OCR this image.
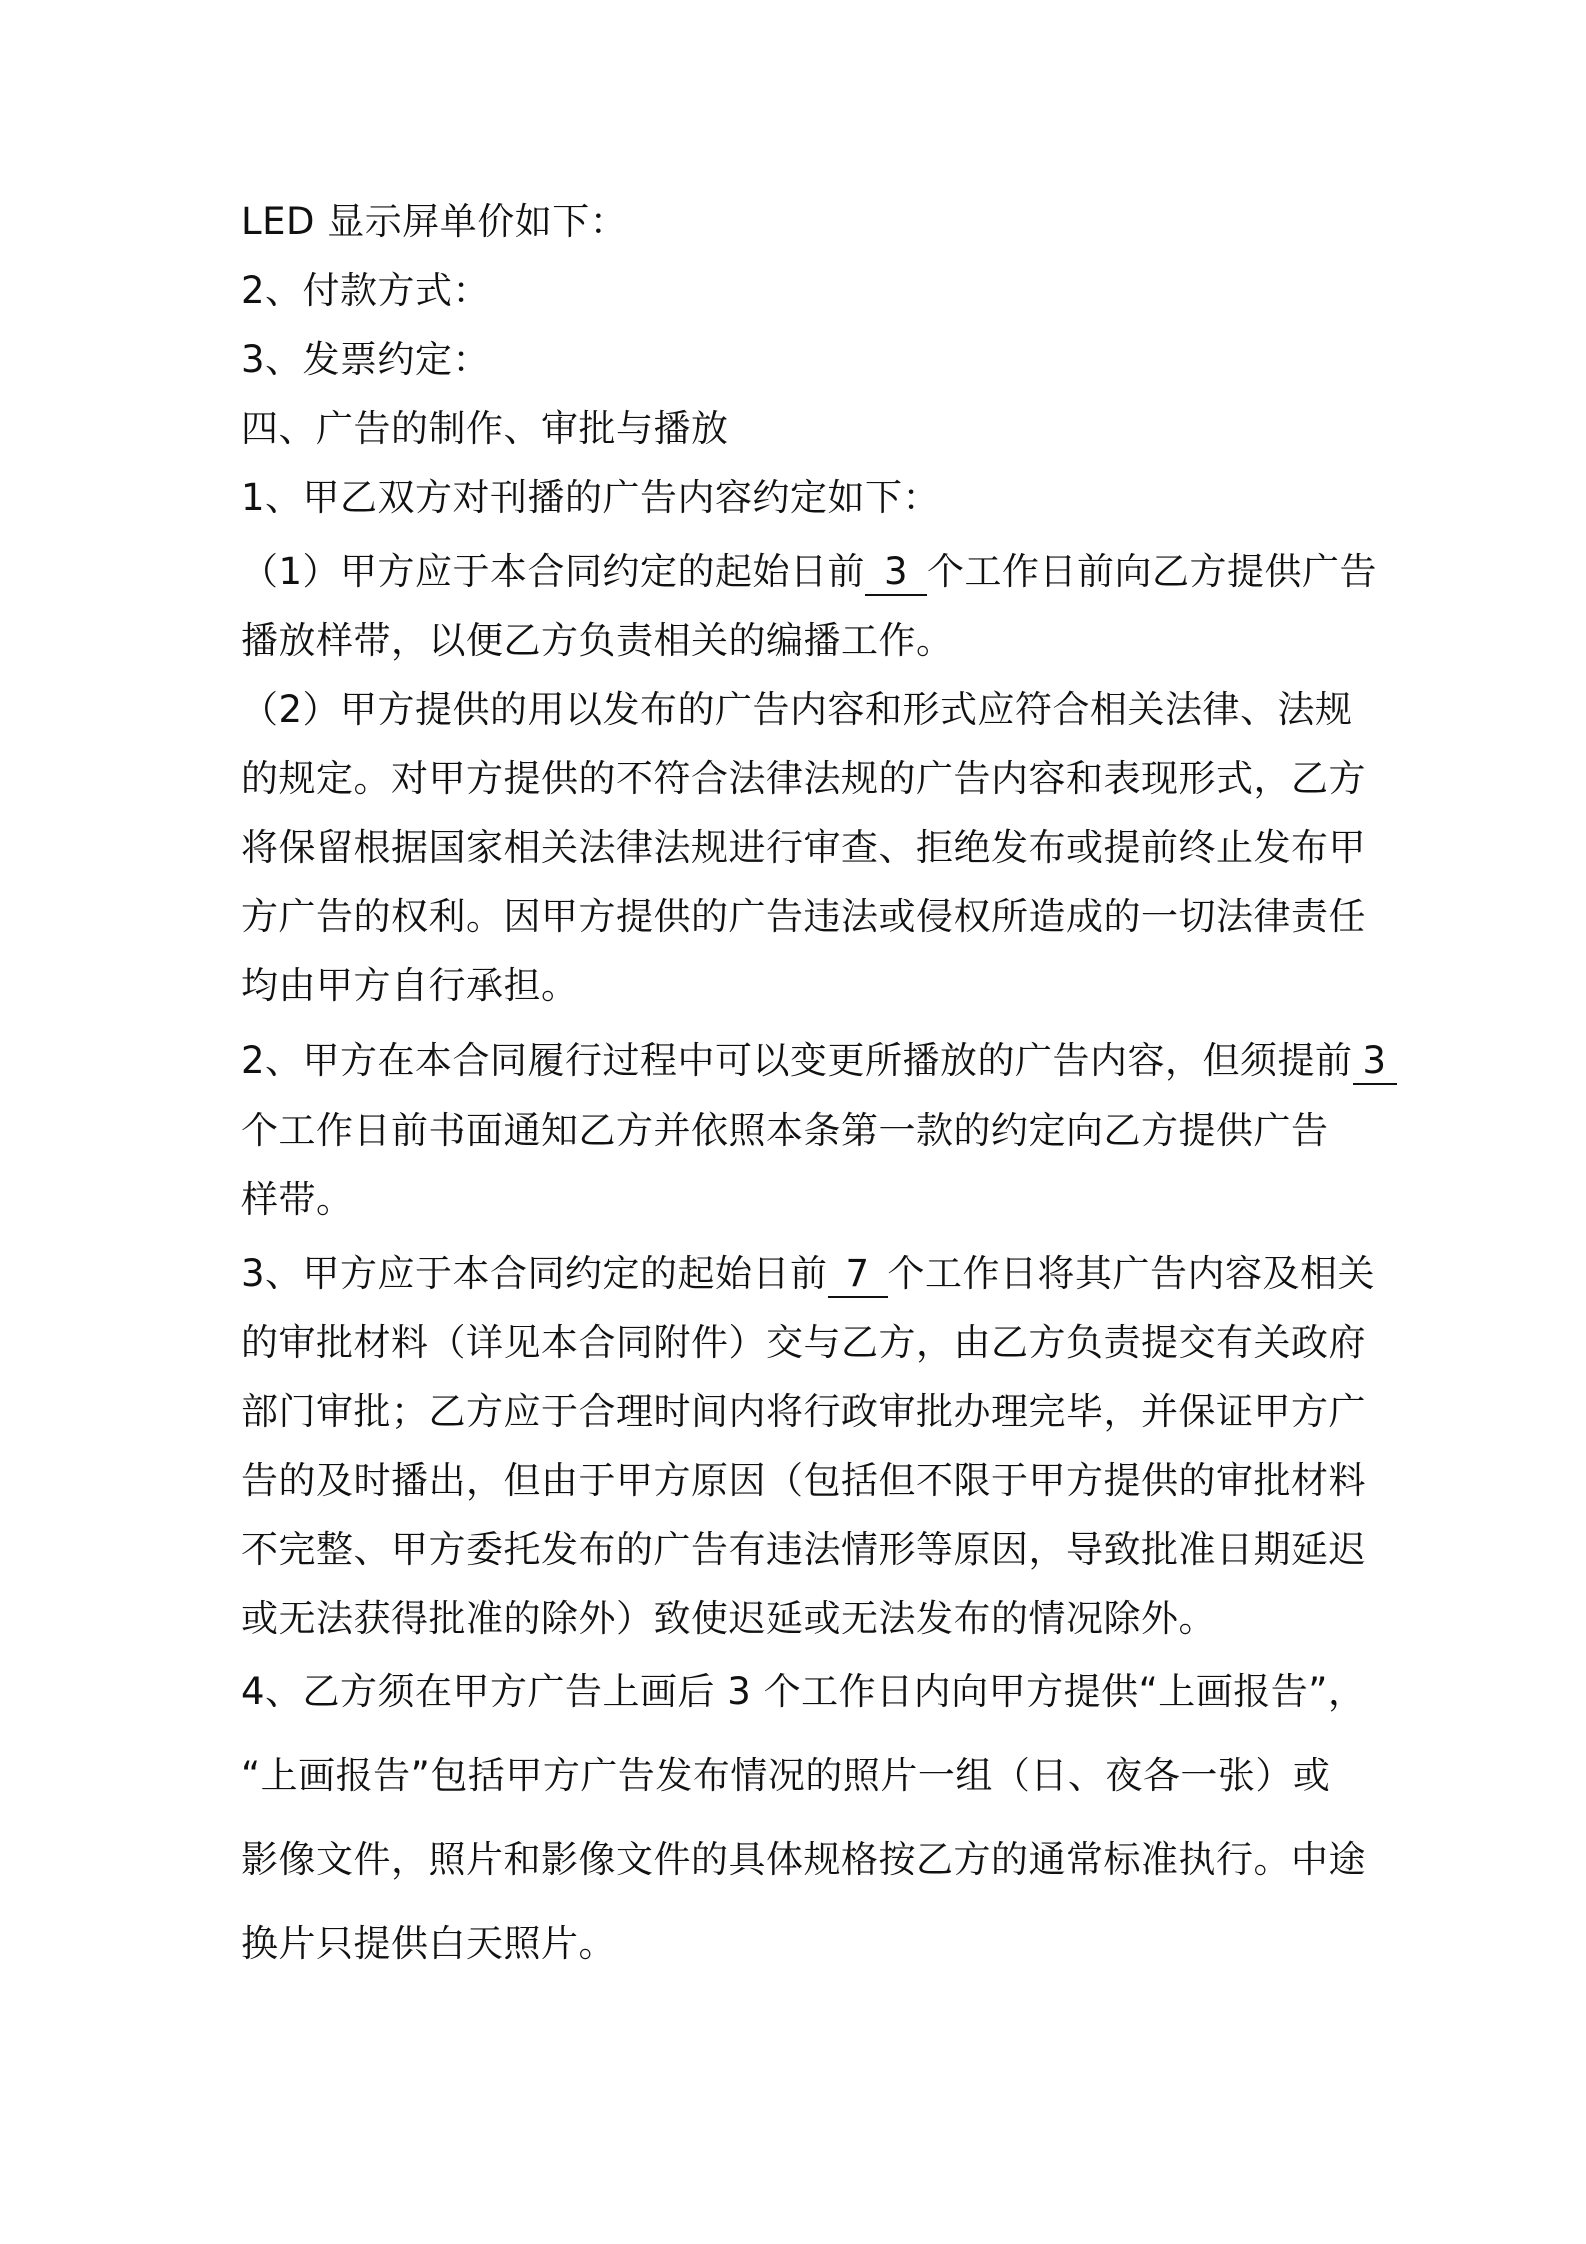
LED 显示屏单价如下：
2、付款方式：
3、发票约定：
四、广告的制作、审批与播放
1、甲乙双方对刊播的广告内容约定如下：
（1）甲方应于本合同约定的起始日前 3 个工作日前向乙方提供广告
播放样带，以便乙方负责相关的编播工作。
（2）甲方提供的用以发布的广告内容和形式应符合相关法律、法规
的规定。对甲方提供的不符合法律法规的广告内容和表现形式，乙方
将保留根据国家相关法律法规进行审查、拒绝发布或提前终止发布甲
方广告的权利。因甲方提供的广告违法或侵权所造成的一切法律责任
均由甲方自行承担。
2、甲方在本合同履行过程中可以变更所播放的广告内容，但须提前 3
个工作日前书面通知乙方并依照本条第一款的约定向乙方提供广告
样带。
3、甲方应于本合同约定的起始日前 7 个工作日将其广告内容及相关
的审批材料（详见本合同附件）交与乙方，由乙方负责提交有关政府
部门审批；乙方应于合理时间内将行政审批办理完毕，并保证甲方广
告的及时播出，但由于甲方原因（包括但不限于甲方提供的审批材料
不完整、甲方委托发布的广告有违法情形等原因，导致批准日期延迟
或无法获得批准的除外）致使迟延或无法发布的情况除外。
4、乙方须在甲方广告上画后 3 个工作日内向甲方提供“上画报告”，
“上画报告”包括甲方广告发布情况的照片一组（日、夜各一张）或
影像文件，照片和影像文件的具体规格按乙方的通常标准执行。中途
换片只提供白天照片。
